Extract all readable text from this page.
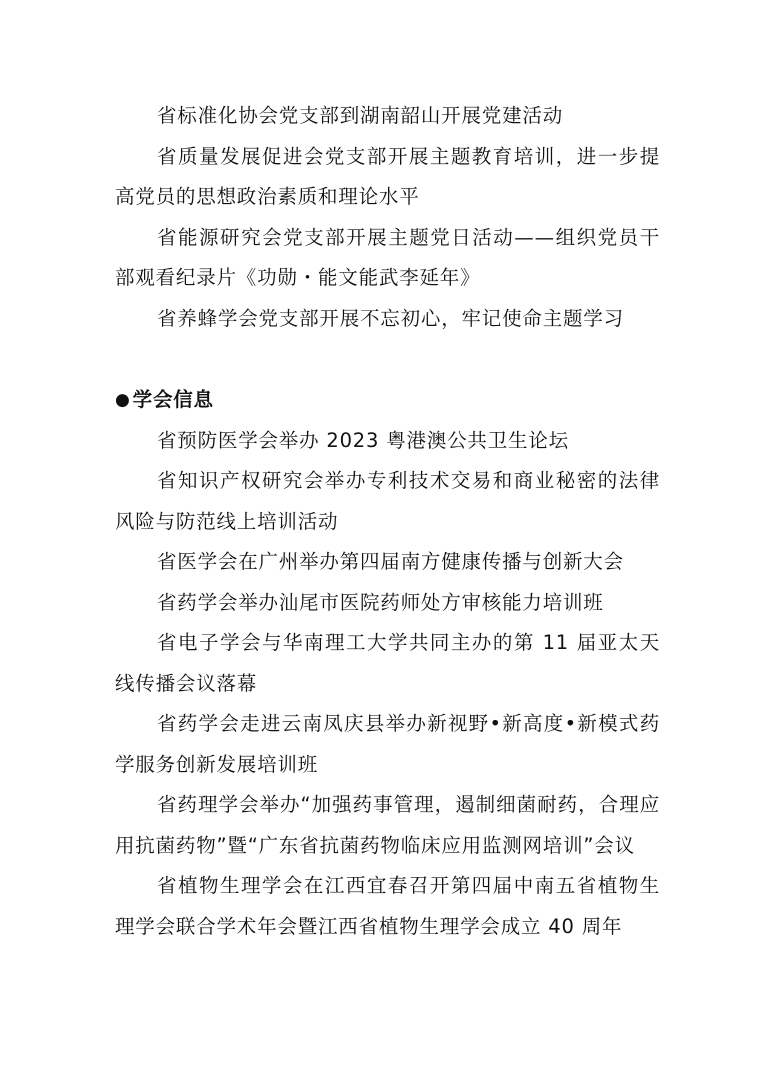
省标准化协会党支部到湖南韶山开展党建活动

省质量发展促进会党支部开展主题教育培训，进一步提高党员的思想政治素质和理论水平

省能源研究会党支部开展主题党日活动——组织党员干部观看纪录片《功勋・能文能武李延年》

省养蜂学会党支部开展不忘初心，牢记使命主题学习

● 学会信息

省预防医学会举办 2023 粤港澳公共卫生论坛

省知识产权研究会举办专利技术交易和商业秘密的法律风险与防范线上培训活动

省医学会在广州举办第四届南方健康传播与创新大会

省药学会举办汕尾市医院药师处方审核能力培训班

省电子学会与华南理工大学共同主办的第 11 届亚太天线传播会议落幕

省药学会走进云南凤庆县举办新视野•新高度•新模式药学服务创新发展培训班

省药理学会举办“加强药事管理，遏制细菌耐药，合理应用抗菌药物”暨“广东省抗菌药物临床应用监测网培训”会议

省植物生理学会在江西宜春召开第四届中南五省植物生理学会联合学术年会暨江西省植物生理学会成立 40 周年
